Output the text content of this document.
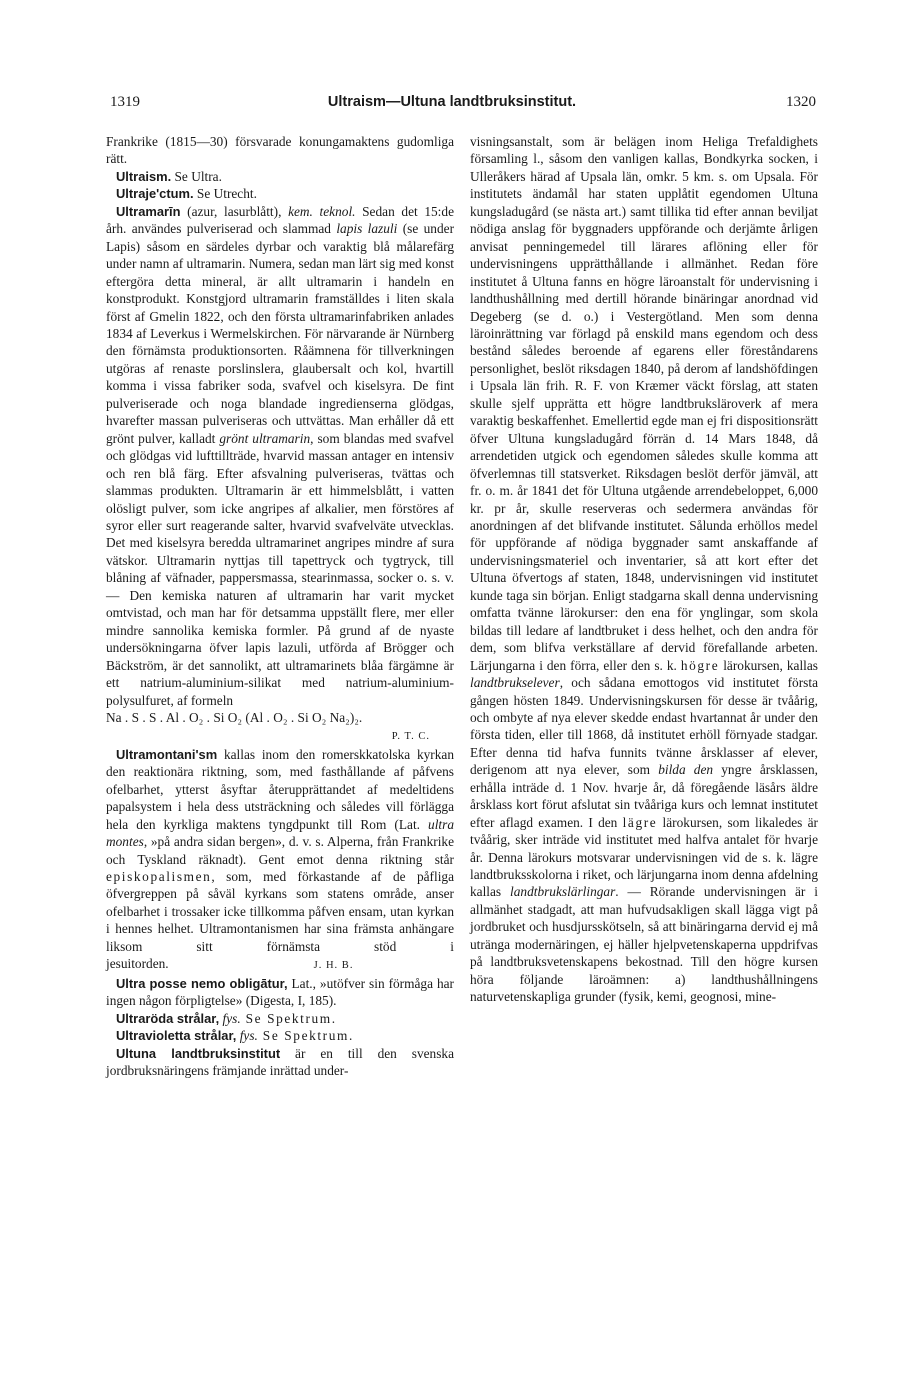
1319	Ultraism—Ultuna landtbruksinstitut.	1320

Frankrike (1815—30) försvarade konungamaktens gudomliga rätt.

Ultraism. Se Ultra.

Ultraje'ctum. Se Utrecht.

Ultramarīn (azur, lasurblått), kem. teknol. Sedan det 15:de årh. användes pulveriserad och slammad lapis lazuli (se under Lapis) såsom en särdeles dyrbar och varaktig blå målarefärg under namn af ultramarin. Numera, sedan man lärt sig med konst eftergöra detta mineral, är allt ultramarin i handeln en konstprodukt. Konstgjord ultramarin framställdes i liten skala först af Gmelin 1822, och den första ultramarinfabriken anlades 1834 af Leverkus i Wermelskirchen. För närvarande är Nürnberg den förnämsta produktionsorten. Råämnena för tillverkningen utgöras af renaste porslinslera, glaubersalt och kol, hvartill komma i vissa fabriker soda, svafvel och kiselsyra. De fint pulveriserade och noga blandade ingredienserna glödgas, hvarefter massan pulveriseras och uttvättas. Man erhåller då ett grönt pulver, kalladt grönt ultramarin, som blandas med svafvel och glödgas vid lufttillträde, hvarvid massan antager en intensiv och ren blå färg. Efter afsvalning pulveriseras, tvättas och slammas produkten. Ultramarin är ett himmelsblått, i vatten olösligt pulver, som icke angripes af alkalier, men förstöres af syror eller surt reagerande salter, hvarvid svafvelväte utvecklas. Det med kiselsyra beredda ultramarinet angripes mindre af sura vätskor. Ultramarin nyttjas till tapettryck och tygtryck, till blåning af väfnader, pappersmassa, stearinmassa, socker o. s. v. — Den kemiska naturen af ultramarin har varit mycket omtvistad, och man har för detsamma uppställt flere, mer eller mindre sannolika kemiska formler. På grund af de nyaste undersökningarna öfver lapis lazuli, utförda af Brögger och Bäckström, är det sannolikt, att ultramarinets blåa färgämne är ett natrium-aluminium-silikat med natrium-aluminium-polysulfuret, af formeln

Na . S . S . Al . O₂ . Si O₂ (Al . O₂ . Si O₂ Na₂)₂.

P. T. C.

Ultramontani'sm kallas inom den romerskkatolska kyrkan den reaktionära riktning, som, med fasthållande af påfvens ofelbarhet, ytterst åsyftar återupprättandet af medeltidens papalsystem i hela dess utsträckning och således vill förlägga hela den kyrkliga maktens tyngdpunkt till Rom (Lat. ultra montes, »på andra sidan bergen», d. v. s. Alperna, från Frankrike och Tyskland räknadt). Gent emot denna riktning står episkopalismen, som, med förkastande af de påfliga öfvergreppen på såväl kyrkans som statens område, anser ofelbarhet i trossaker icke tillkomma påfven ensam, utan kyrkan i hennes helhet. Ultramontanismen har sina främsta anhängare liksom sitt förnämsta stöd i jesuitorden.	J. H. B.

Ultra posse nemo obligātur, Lat., »utöfver sin förmåga har ingen någon förpligtelse» (Digesta, I, 185).

Ultraröda strålar, fys. Se Spektrum.

Ultravioletta strålar, fys. Se Spektrum.

Ultuna landtbruksinstitut är en till den svenska jordbruksnäringens främjande inrättad under-

visningsanstalt, som är belägen inom Heliga Trefaldighets församling l., såsom den vanligen kallas, Bondkyrka socken, i Ulleråkers härad af Upsala län, omkr. 5 km. s. om Upsala. För institutets ändamål har staten upplåtit egendomen Ultuna kungsladugård (se nästa art.) samt tillika tid efter annan beviljat nödiga anslag för byggnaders uppförande och derjämte årligen anvisat penningemedel till lärares aflöning eller för undervisningens upprätthållande i allmänhet. Redan före institutet å Ultuna fanns en högre läroanstalt för undervisning i landthushållning med dertill hörande binäringar anordnad vid Degeberg (se d. o.) i Vestergötland. Men som denna läroinrättning var förlagd på enskild mans egendom och dess bestånd således beroende af egarens eller föreståndarens personlighet, beslöt riksdagen 1840, på derom af landshöfdingen i Upsala län frih. R. F. von Kræmer väckt förslag, att staten skulle sjelf upprätta ett högre landtbruksläroverk af mera varaktig beskaffenhet. Emellertid egde man ej fri dispositionsrätt öfver Ultuna kungsladugård förrän d. 14 Mars 1848, då arrendetiden utgick och egendomen således skulle komma att öfverlemnas till statsverket. Riksdagen beslöt derför jämväl, att fr. o. m. år 1841 det för Ultuna utgående arrendebeloppet, 6,000 kr. pr år, skulle reserveras och sedermera användas för anordningen af det blifvande institutet. Sålunda erhöllos medel för uppförande af nödiga byggnader samt anskaffande af undervisningsmateriel och inventarier, så att kort efter det Ultuna öfvertogs af staten, 1848, undervisningen vid institutet kunde taga sin början. Enligt stadgarna skall denna undervisning omfatta tvänne lärokurser: den ena för ynglingar, som skola bildas till ledare af landtbruket i dess helhet, och den andra för dem, som blifva verkställare af dervid förefallande arbeten. Lärjungarna i den förra, eller den s. k. högre lärokursen, kallas landtbrukselever, och sådana emottogos vid institutet första gången hösten 1849. Undervisningskursen för desse är tvåårig, och ombyte af nya elever skedde endast hvartannat år under den första tiden, eller till 1868, då institutet erhöll förnyade stadgar. Efter denna tid hafva funnits tvänne årsklasser af elever, derigenom att nya elever, som bilda den yngre årsklassen, erhålla inträde d. 1 Nov. hvarje år, då föregående läsårs äldre årsklass kort förut afslutat sin tvååriga kurs och lemnat institutet efter aflagd examen. I den lägre lärokursen, som likaledes är tvåårig, sker inträde vid institutet med halfva antalet för hvarje år. Denna lärokurs motsvarar undervisningen vid de s. k. lägre landtbruksskolorna i riket, och lärjungarna inom denna afdelning kallas landtbrukslärlingar. — Rörande undervisningen är i allmänhet stadgadt, att man hufvudsakligen skall lägga vigt på jordbruket och husdjursskötseln, så att binäringarna dervid ej må utränga modernäringen, ej häller hjelpvetenskaperna uppdrifvas på landtbruksvetenskapens bekostnad. Till den högre kursen höra följande läroämnen: a) landthushållningens naturvetenskapliga grunder (fysik, kemi, geognosi, mine-
